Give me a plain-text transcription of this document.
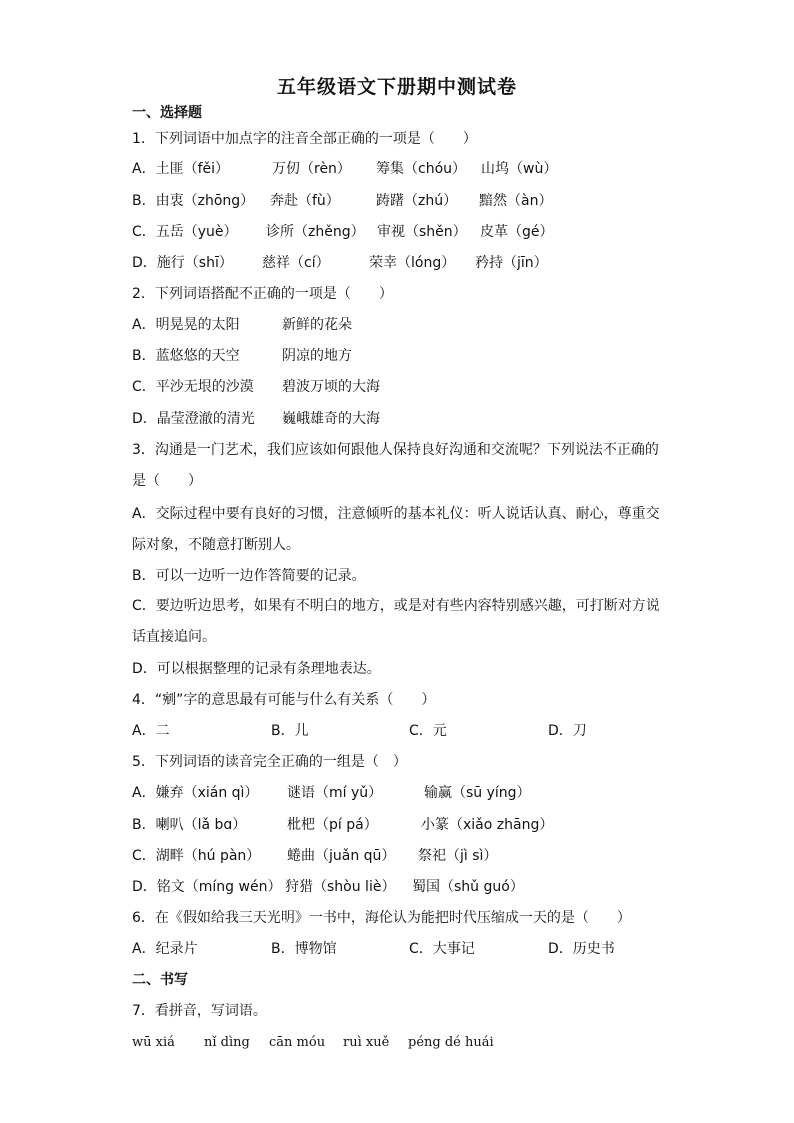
五年级语文下册期中测试卷
一、选择题
1．下列词语中加点字的注音全部正确的一项是（　　）
A．土匪（fěi）	万仞（rèn） 筹集（chóu） 山坞（wù）
B．由衷（zhōng） 奔赴（fù）	踌躇（zhú） 黯然（àn）
C．五岳（yuè） 诊所（zhěng） 审视（shěn） 皮革（gé）
D．施行（shī） 慈祥（cí）	荣幸（lóng） 矜持（jīn）
2．下列词语搭配不正确的一项是（　　）
A．明晃晃的太阳	新鲜的花朵
B．蓝悠悠的天空	阴凉的地方
C．平沙无垠的沙漠 碧波万顷的大海
D．晶莹澄澈的清光 巍峨雄奇的大海
3．沟通是一门艺术，我们应该如何跟他人保持良好沟通和交流呢？下列说法不正确的
是（　　）
A．交际过程中要有良好的习惯，注意倾听的基本礼仪：听人说话认真、耐心，尊重交
际对象，不随意打断别人。
B．可以一边听一边作答简要的记录。
C．要边听边思考，如果有不明白的地方，或是对有些内容特别感兴趣，可打断对方说
话直接追问。
D．可以根据整理的记录有条理地表达。
4．“剜”字的意思最有可能与什么有关系（　　）
A．二	B．儿	C．元	D．刀
5．下列词语的读音完全正确的一组是（　）
A．嫌弃（xián qì） 谜语（mí yǔ）	输赢（sū yíng）
B．喇叭（lǎ bɑ）	枇杷（pí pá）	小篆（xiǎo zhāng）
C．湖畔（hú pàn） 蜷曲（juǎn qū） 祭祀（jì sì）
D．铭文（míng wén） 狩猎（shòu liè） 蜀国（shǔ guó）
6．在《假如给我三天光明》一书中，海伦认为能把时代压缩成一天的是（　　）
A．纪录片	B．博物馆	C．大事记	D．历史书
二、书写
7．看拼音，写词语。
wū xiá nǐ dìng cān móu ruì xuě péng dé huái
